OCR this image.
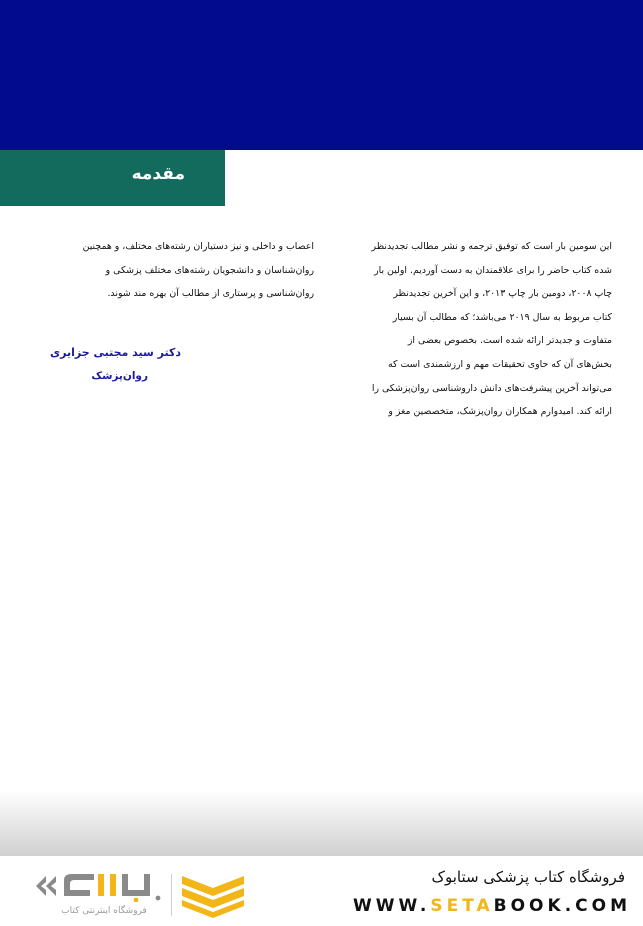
مقدمه

این سومین بار است که توفیق ترجمه و نشر مطالب تجدیدنظر

شده کتاب حاضر را برای علاقمندان به دست آوردیم. اولین بار

چاپ ۲۰۰۸، دومین بار چاپ ۲۰۱۳، و این آخرین تجدیدنظر

کتاب مربوط به سال ۲۰۱۹ می‌باشد؛ که مطالب آن بسیار

متفاوت و جدیدتر ارائه شده است. بخصوص بعضی از

بخش‌های آن که حاوی تحقیقات مهم و ارزشمندی است که

می‌تواند آخرین پیشرفت‌های دانش داروشناسی روان‌پزشکی را

ارائه کند. امیدوارم همکاران روان‌پزشک، متخصصین مغز و

اعصاب و داخلی و نیز دستیاران رشته‌های مختلف، و همچنین

روان‌شناسان و دانشجویان رشته‌های مختلف پزشکی و

روان‌شناسی و پرستاری از مطالب آن بهره مند شوند.

دکتر سید مجتبی جزایری
روان‌پزشک
فروشگاه کتاب پزشکی ستابوک
WWW.SETABOOK.COM
فروشگاه اینترنتی کتاب
